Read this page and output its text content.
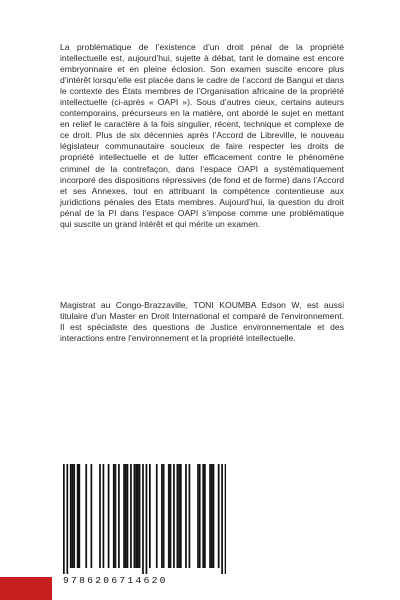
La problématique de l’existence d’un droit pénal de la propriété intellectuelle est, aujourd’hui, sujette à débat, tant le domaine est encore embryonnaire et en pleine éclosion. Son examen suscite encore plus d’intérêt lorsqu’elle est placée dans le cadre de l’accord de Bangui et dans le contexte des États membres de l’Organisation africaine de la propriété intellectuelle (ci-après « OAPI »). Sous d’autres cieux, certains auteurs contemporains, précurseurs en la matière, ont abordé le sujet en mettant en relief le caractère à la fois singulier, récent, technique et complexe de ce droit. Plus de six décennies après l’Accord de Libreville, le nouveau législateur communautaire soucieux de faire respecter les droits de propriété intellectuelle et de lutter efficacement contre le phénomène criminel de la contrefaçon, dans l’espace OAPI a systématiquement incorporé des dispositions répressives (de fond et de forme) dans l’Accord et ses Annexes, tout en attribuant la compétence contentieuse aux juridictions pénales des Etats membres. Aujourd’hui, la question du droit pénal de la PI dans l’espace OAPI s’impose comme une problématique qui suscite un grand intérêt et qui mérite un examen.

Magistrat au Congo-Brazzaville, TONI KOUMBA Edson W, est aussi titulaire d'un Master en Droit International et comparé de l'environnement. Il est spécialiste des questions de Justice environnementale et des interactions entre l'environnement et la propriété intellectuelle.

9786206714620
